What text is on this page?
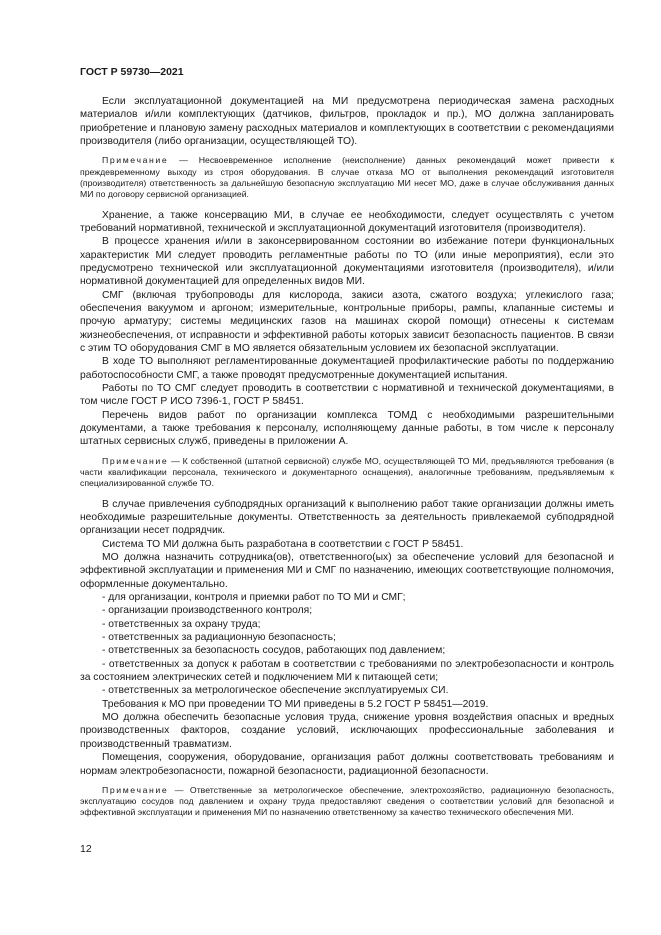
ГОСТ Р 59730—2021

Если эксплуатационной документацией на МИ предусмотрена периодическая замена расходных материалов и/или комплектующих (датчиков, фильтров, прокладок и пр.), МО должна запланировать приобретение и плановую замену расходных материалов и комплектующих в соответствии с рекомендациями производителя (либо организации, осуществляющей ТО).

Примечание — Несвоевременное исполнение (неисполнение) данных рекомендаций может привести к преждевременному выходу из строя оборудования. В случае отказа МО от выполнения рекомендаций изготовителя (производителя) ответственность за дальнейшую безопасную эксплуатацию МИ несет МО, даже в случае обслуживания данных МИ по договору сервисной организацией.

Хранение, а также консервацию МИ, в случае ее необходимости, следует осуществлять с учетом требований нормативной, технической и эксплуатационной документаций изготовителя (производителя).

В процессе хранения и/или в законсервированном состоянии во избежание потери функциональных характеристик МИ следует проводить регламентные работы по ТО (или иные мероприятия), если это предусмотрено технической или эксплуатационной документациями изготовителя (производителя), и/или нормативной документацией для определенных видов МИ.

СМГ (включая трубопроводы для кислорода, закиси азота, сжатого воздуха; углекислого газа; обеспечения вакуумом и аргоном; измерительные, контрольные приборы, рампы, клапанные системы и прочую арматуру; системы медицинских газов на машинах скорой помощи) отнесены к системам жизнеобеспечения, от исправности и эффективной работы которых зависит безопасность пациентов. В связи с этим ТО оборудования СМГ в МО является обязательным условием их безопасной эксплуатации.

В ходе ТО выполняют регламентированные документацией профилактические работы по поддержанию работоспособности СМГ, а также проводят предусмотренные документацией испытания.

Работы по ТО СМГ следует проводить в соответствии с нормативной и технической документациями, в том числе ГОСТ Р ИСО 7396-1, ГОСТ Р 58451.

Перечень видов работ по организации комплекса ТОМД с необходимыми разрешительными документами, а также требования к персоналу, исполняющему данные работы, в том числе к персоналу штатных сервисных служб, приведены в приложении А.

Примечание — К собственной (штатной сервисной) службе МО, осуществляющей ТО МИ, предъявляются требования (в части квалификации персонала, технического и документарного оснащения), аналогичные требованиям, предъявляемым к специализированной службе ТО.

В случае привлечения субподрядных организаций к выполнению работ такие организации должны иметь необходимые разрешительные документы. Ответственность за деятельность привлекаемой субподрядной организации несет подрядчик.

Система ТО МИ должна быть разработана в соответствии с ГОСТ Р 58451.

МО должна назначить сотрудника(ов), ответственного(ых) за обеспечение условий для безопасной и эффективной эксплуатации и применения МИ и СМГ по назначению, имеющих соответствующие полномочия, оформленные документально.

- для организации, контроля и приемки работ по ТО МИ и СМГ;

- организации производственного контроля;

- ответственных за охрану труда;

- ответственных за радиационную безопасность;

- ответственных за безопасность сосудов, работающих под давлением;

- ответственных за допуск к работам в соответствии с требованиями по электробезопасности и контроль за состоянием электрических сетей и подключением МИ к питающей сети;

- ответственных за метрологическое обеспечение эксплуатируемых СИ.

Требования к МО при проведении ТО МИ приведены в 5.2 ГОСТ Р 58451—2019.

МО должна обеспечить безопасные условия труда, снижение уровня воздействия опасных и вредных производственных факторов, создание условий, исключающих профессиональные заболевания и производственный травматизм.

Помещения, сооружения, оборудование, организация работ должны соответствовать требованиям и нормам электробезопасности, пожарной безопасности, радиационной безопасности.

Примечание — Ответственные за метрологическое обеспечение, электрохозяйство, радиационную безопасность, эксплуатацию сосудов под давлением и охрану труда предоставляют сведения о соответствии условий для безопасной и эффективной эксплуатации и применения МИ по назначению ответственному за качество технического обеспечения МИ.
12
